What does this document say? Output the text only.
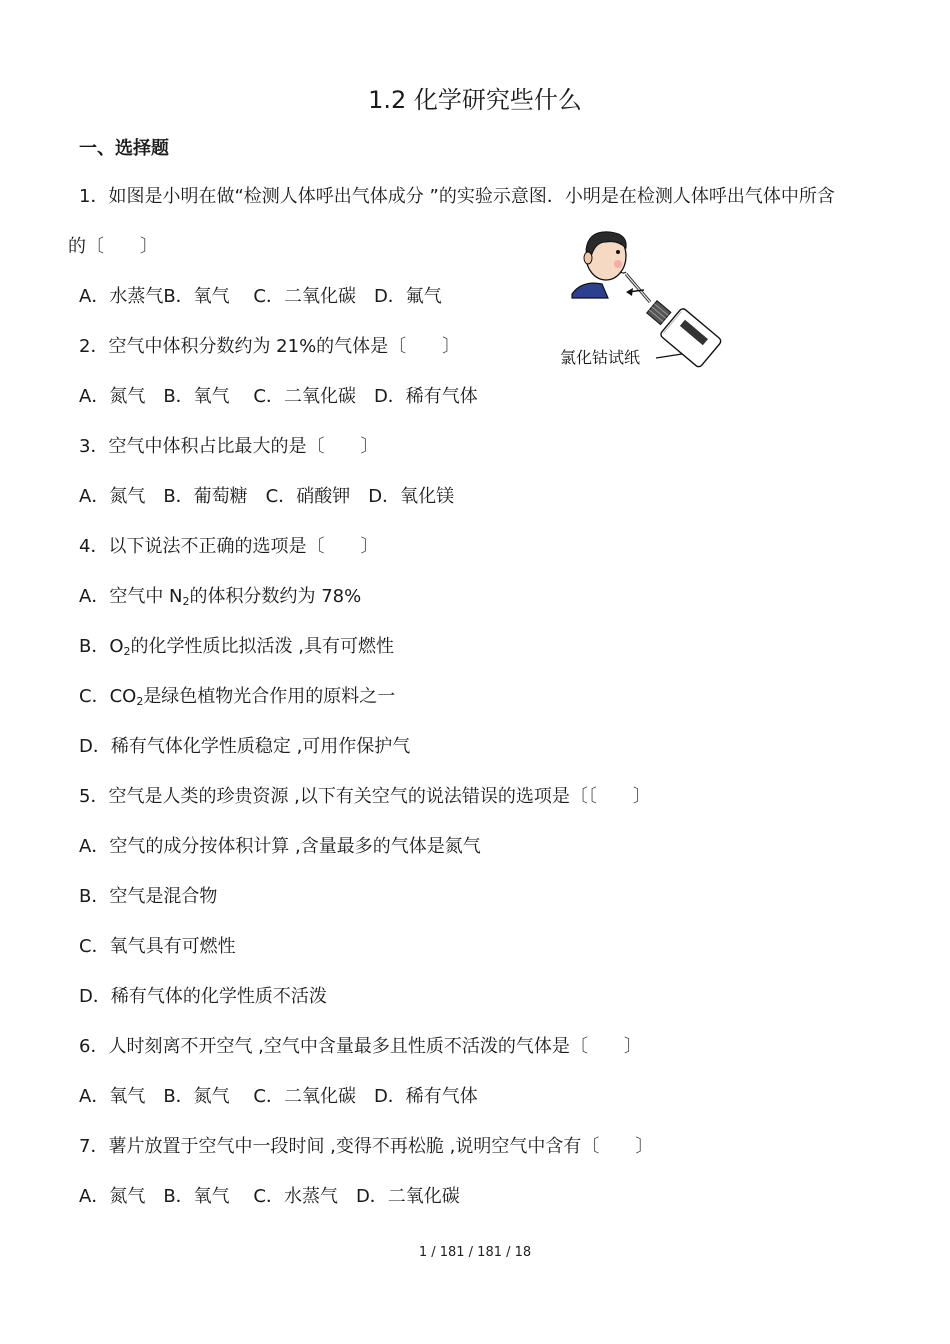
1.2 化学研究些什么
一、选择题
1．如图是小明在做“检测人体呼出气体成分 ”的实验示意图．小明是在检测人体呼出气体中所含
的〔　　〕
A．水蒸气B．氧气　 C．二氧化碳　D．氟气
2．空气中体积分数约为 21%的气体是〔　　〕
A．氮气　B．氧气　 C．二氧化碳　D．稀有气体
3．空气中体积占比最大的是〔　　〕
A．氮气　B．葡萄糖　C．硝酸钾　D．氧化镁
4．以下说法不正确的选项是〔　　〕
A．空气中 $N_2$的体积分数约为 78%
B．$O_2$的化学性质比拟活泼 ,具有可燃性
C．$CO_2$是绿色植物光合作用的原料之一
D．稀有气体化学性质稳定 ,可用作保护气
5．空气是人类的珍贵资源 ,以下有关空气的说法错误的选项是〔〔　　〕
A．空气的成分按体积计算 ,含量最多的气体是氮气
B．空气是混合物
C．氧气具有可燃性
D．稀有气体的化学性质不活泼
6．人时刻离不开空气 ,空气中含量最多且性质不活泼的气体是〔　　〕
A．氧气　B．氮气　 C．二氧化碳　D．稀有气体
7．薯片放置于空气中一段时间 ,变得不再松脆 ,说明空气中含有〔　　〕
A．氮气　B．氧气　 C．水蒸气　D．二氧化碳
氯化钴试纸
1 / 181 / 181 / 18
